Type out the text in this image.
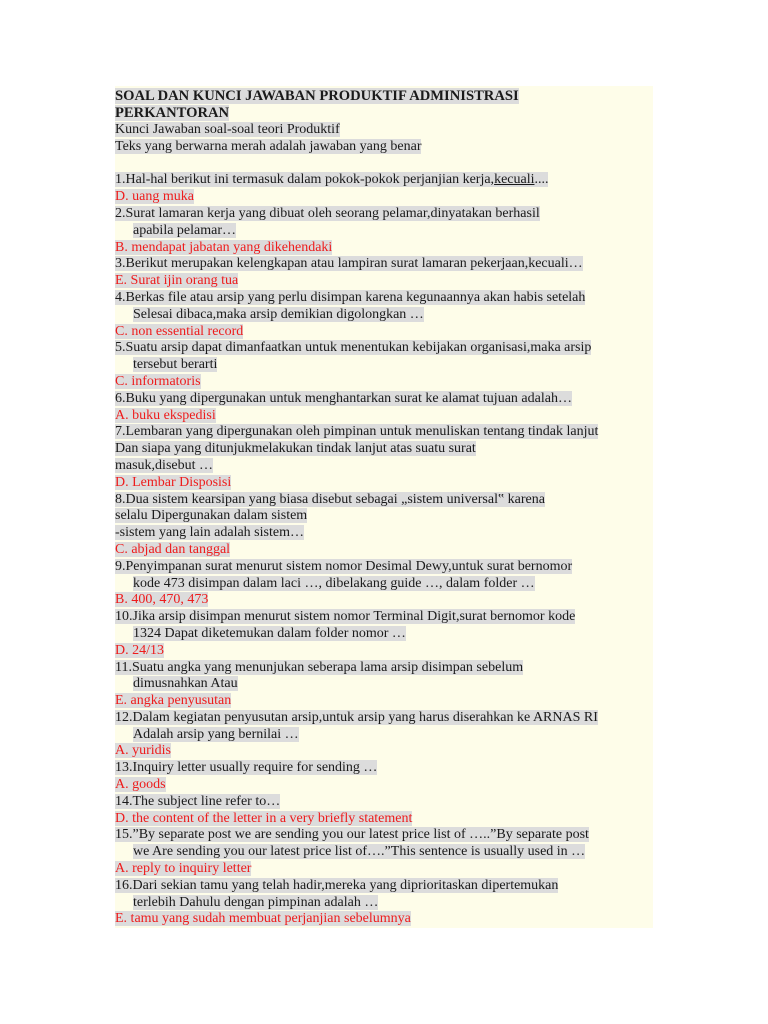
SOAL DAN KUNCI JAWABAN PRODUKTIF ADMINISTRASI
PERKANTORAN
Kunci Jawaban soal-soal teori Produktif
Teks yang berwarna merah adalah jawaban yang benar
1.Hal-hal berikut ini termasuk dalam pokok-pokok perjanjian kerja,kecuali....
D. uang muka
2.Surat lamaran kerja yang dibuat oleh seorang pelamar,dinyatakan berhasil
apabila pelamar…
B. mendapat jabatan yang dikehendaki
3.Berikut merupakan kelengkapan atau lampiran surat lamaran pekerjaan,kecuali…
E. Surat ijin orang tua
4.Berkas file atau arsip yang perlu disimpan karena kegunaannya akan habis setelah
Selesai dibaca,maka arsip demikian digolongkan …
C. non essential record
5.Suatu arsip dapat dimanfaatkan untuk menentukan kebijakan organisasi,maka arsip
tersebut berarti
C. informatoris
6.Buku yang dipergunakan untuk menghantarkan surat ke alamat tujuan adalah…
A. buku ekspedisi
7.Lembaran yang dipergunakan oleh pimpinan untuk menuliskan tentang tindak lanjut
Dan siapa yang ditunjukmelakukan tindak lanjut atas suatu surat
masuk,disebut …
D. Lembar Disposisi
8.Dua sistem kearsipan yang biasa disebut sebagai „sistem universal‟ karena
selalu Dipergunakan dalam sistem
-sistem yang lain adalah sistem…
C. abjad dan tanggal
9.Penyimpanan surat menurut sistem nomor Desimal Dewy,untuk surat bernomor
kode 473 disimpan dalam laci …, dibelakang guide …, dalam folder …
B. 400, 470, 473
10.Jika arsip disimpan menurut sistem nomor Terminal Digit,surat bernomor kode
1324 Dapat diketemukan dalam folder nomor …
D. 24/13
11.Suatu angka yang menunjukan seberapa lama arsip disimpan sebelum
dimusnahkan Atau
E. angka penyusutan
12.Dalam kegiatan penyusutan arsip,untuk arsip yang harus diserahkan ke ARNAS RI
Adalah arsip yang bernilai …
A. yuridis
13.Inquiry letter usually require for sending …
A. goods
14.The subject line refer to…
D. the content of the letter in a very briefly statement
15.”By separate post we are sending you our latest price list of …..”By separate post
we Are sending you our latest price list of….”This sentence is usually used in …
A. reply to inquiry letter
16.Dari sekian tamu yang telah hadir,mereka yang diprioritaskan dipertemukan
terlebih Dahulu dengan pimpinan adalah …
E. tamu yang sudah membuat perjanjian sebelumnya
